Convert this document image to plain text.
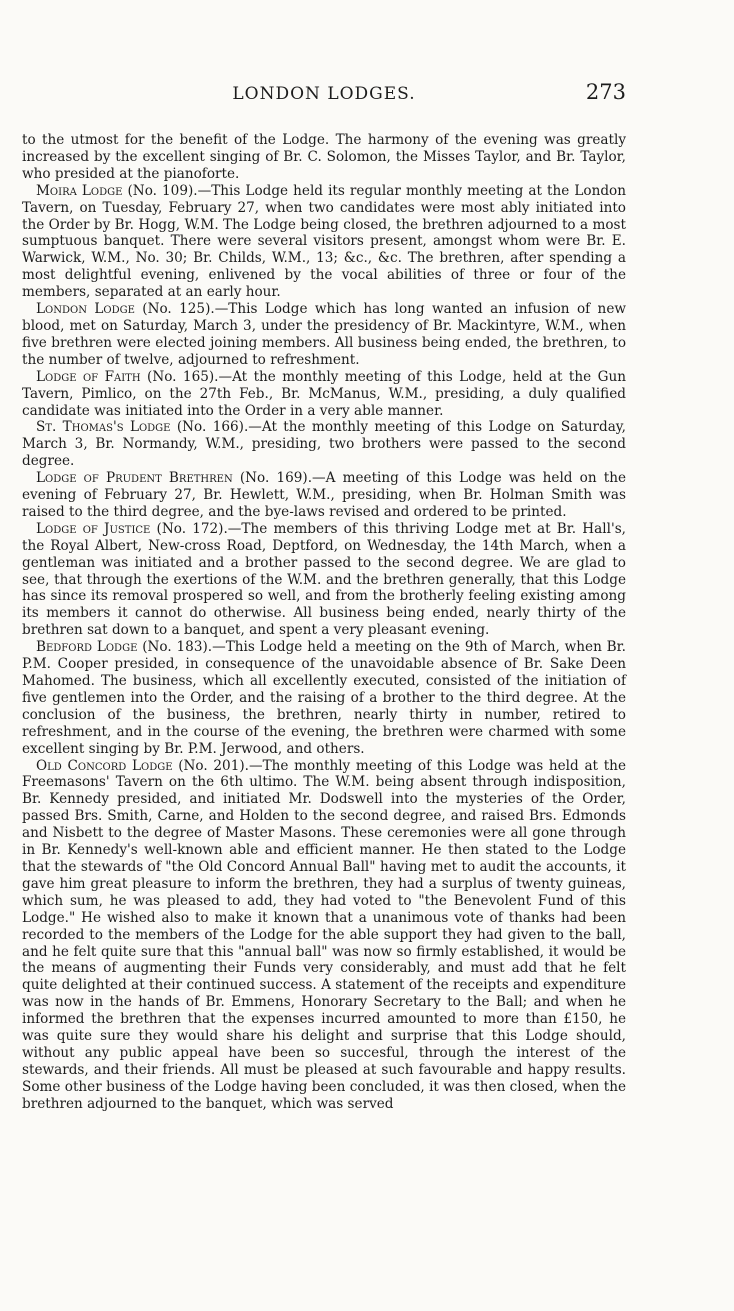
LONDON LODGES.	273

to the utmost for the benefit of the Lodge. The harmony of the evening was greatly increased by the excellent singing of Br. C. Solomon, the Misses Taylor, and Br. Taylor, who presided at the pianoforte.

Moira Lodge (No. 109).—This Lodge held its regular monthly meeting at the London Tavern, on Tuesday, February 27, when two candidates were most ably initiated into the Order by Br. Hogg, W.M. The Lodge being closed, the brethren adjourned to a most sumptuous banquet. There were several visitors present, amongst whom were Br. E. Warwick, W.M., No. 30; Br. Childs, W.M., 13; &c., &c. The brethren, after spending a most delightful evening, enlivened by the vocal abilities of three or four of the members, separated at an early hour.

London Lodge (No. 125).—This Lodge which has long wanted an infusion of new blood, met on Saturday, March 3, under the presidency of Br. Mackintyre, W.M., when five brethren were elected joining members. All business being ended, the brethren, to the number of twelve, adjourned to refreshment.

Lodge of Faith (No. 165).—At the monthly meeting of this Lodge, held at the Gun Tavern, Pimlico, on the 27th Feb., Br. McManus, W.M., presiding, a duly qualified candidate was initiated into the Order in a very able manner.

St. Thomas's Lodge (No. 166).—At the monthly meeting of this Lodge on Saturday, March 3, Br. Normandy, W.M., presiding, two brothers were passed to the second degree.

Lodge of Prudent Brethren (No. 169).—A meeting of this Lodge was held on the evening of February 27, Br. Hewlett, W.M., presiding, when Br. Holman Smith was raised to the third degree, and the bye-laws revised and ordered to be printed.

Lodge of Justice (No. 172).—The members of this thriving Lodge met at Br. Hall's, the Royal Albert, New-cross Road, Deptford, on Wednesday, the 14th March, when a gentleman was initiated and a brother passed to the second degree. We are glad to see, that through the exertions of the W.M. and the brethren generally, that this Lodge has since its removal prospered so well, and from the brotherly feeling existing among its members it cannot do otherwise. All business being ended, nearly thirty of the brethren sat down to a banquet, and spent a very pleasant evening.

Bedford Lodge (No. 183).—This Lodge held a meeting on the 9th of March, when Br. P.M. Cooper presided, in consequence of the unavoidable absence of Br. Sake Deen Mahomed. The business, which all excellently executed, consisted of the initiation of five gentlemen into the Order, and the raising of a brother to the third degree. At the conclusion of the business, the brethren, nearly thirty in number, retired to refreshment, and in the course of the evening, the brethren were charmed with some excellent singing by Br. P.M. Jerwood, and others.

Old Concord Lodge (No. 201).—The monthly meeting of this Lodge was held at the Freemasons' Tavern on the 6th ultimo. The W.M. being absent through indisposition, Br. Kennedy presided, and initiated Mr. Dodswell into the mysteries of the Order, passed Brs. Smith, Carne, and Holden to the second degree, and raised Brs. Edmonds and Nisbett to the degree of Master Masons. These ceremonies were all gone through in Br. Kennedy's well-known able and efficient manner. He then stated to the Lodge that the stewards of "the Old Concord Annual Ball" having met to audit the accounts, it gave him great pleasure to inform the brethren, they had a surplus of twenty guineas, which sum, he was pleased to add, they had voted to "the Benevolent Fund of this Lodge." He wished also to make it known that a unanimous vote of thanks had been recorded to the members of the Lodge for the able support they had given to the ball, and he felt quite sure that this "annual ball" was now so firmly established, it would be the means of augmenting their Funds very considerably, and must add that he felt quite delighted at their continued success. A statement of the receipts and expenditure was now in the hands of Br. Emmens, Honorary Secretary to the Ball; and when he informed the brethren that the expenses incurred amounted to more than £150, he was quite sure they would share his delight and surprise that this Lodge should, without any public appeal have been so succesful, through the interest of the stewards, and their friends. All must be pleased at such favourable and happy results. Some other business of the Lodge having been concluded, it was then closed, when the brethren adjourned to the banquet, which was served
